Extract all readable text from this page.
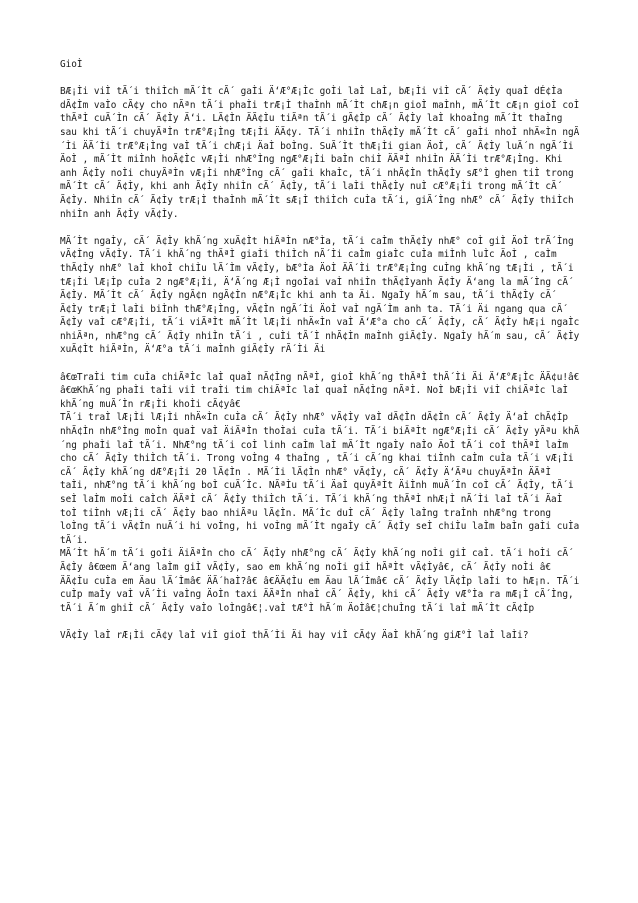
GioÌ
BÆ¡Ìi viÌ tÃ´i thiÌch mÃ´Ìt cÃ´ gaÌi Ä‘Æ°Æ¡Ìc goÌi laÌ LaÌ, bÆ¡Ìi viÌ cÃ´ Ã¢Ìy quaÌ dÉ¢Ìa dÃ¢Ìm vaÌo cÃ¢y cho nÃªn tÃ´i phaÌi trÆ¡Ì thaÌnh mÃ´Ìt chÆ¡n gioÌ maÌnh, mÃ´Ìt cÆ¡n gioÌ coÌ thÃªÌ cuÃ´Ìn cÃ´ Ã¢Ìy Ä‘i. LÃ¢Ìn ÄÃ¢Ìu tiÃªn tÃ´i gÃ¢Ìp cÃ´ Ã¢Ìy laÌ khoaÌng mÃ´Ìt thaÌng sau khi tÃ´i chuyÃªÌn trÆ°Æ¡Ìng tÆ¡Ìi ÄÃ¢y. TÃ´i nhiÌn thÃ¢Ìy mÃ´Ìt cÃ´ gaÌi nhoÌ nhÄ«Ìn ngÃ´Ìi ÄÃ´Ìi trÆ°Æ¡Ìng vaÌ tÃ´i chÆ¡i ÄaÌ boÌng. SuÃ´Ìt thÆ¡Ìi gian ÄoÌ, cÃ´ Ã¢Ìy luÃ´n ngÃ´Ìi ÄoÌ , mÃ´Ìt miÌnh hoÃ¢Ìc vÆ¡Ìi nhÆ°Ìng ngÆ°Æ¡Ìi baÌn chiÌ ÄÃªÌ nhiÌn ÄÃ´Ìi trÆ°Æ¡Ìng. Khi anh Ã¢Ìy noÌi chuyÃªÌn vÆ¡Ìi nhÆ°Ìng cÃ´ gaÌi khaÌc, tÃ´i nhÃ¢Ìn thÃ¢Ìy sÆ°Ì ghen tiÌ trong mÃ´Ìt cÃ´ Ã¢Ìy, khi anh Ã¢Ìy nhiÌn cÃ´ Ã¢Ìy, tÃ´i laÌi thÃ¢Ìy nuÌ cÆ°Æ¡Ìi trong mÃ´Ìt cÃ´ Ã¢Ìy. NhiÌn cÃ´ Ã¢Ìy trÆ¡Ì thaÌnh mÃ´Ìt sÆ¡Ì thiÌch cuÌa tÃ´i, giÃ´Ìng nhÆ° cÃ´ Ã¢Ìy thiÌch nhiÌn anh Ã¢Ìy vÃ¢Ìy.
MÃ´Ìt ngaÌy, cÃ´ Ã¢Ìy khÃ´ng xuÃ¢Ìt hiÃªÌn nÆ°Ìa, tÃ´i caÌm thÃ¢Ìy nhÆ° coÌ giÌ ÄoÌ trÃ´Ìng vÃ¢Ìng vÃ¢Ìy. TÃ´i khÃ´ng thÃªÌ giaÌi thiÌch nÃ´Ìi caÌm giaÌc cuÌa miÌnh luÌc ÄoÌ , caÌm thÃ¢Ìy nhÆ° laÌ khoÌ chiÌu lÃ´Ìm vÃ¢Ìy, bÆ°Ìa ÄoÌ ÄÃ´Ìi trÆ°Æ¡Ìng cuÌng khÃ´ng tÆ¡Ìi , tÃ´i tÆ¡Ìi lÆ¡Ìp cuÌa 2 ngÆ°Æ¡Ìi, Ä‘Ã´ng Æ¡Ì ngoÌai vaÌ nhiÌn thÃ¢Ìyanh Ã¢Ìy Ä‘ang la mÃ´Ìng cÃ´ Ã¢Ìy. MÃ´Ìt cÃ´ Ã¢Ìy ngÃ¢n ngÃ¢Ìn nÆ°Æ¡Ìc khi anh ta Äi. NgaÌy hÃ´m sau, tÃ´i thÃ¢Ìy cÃ´ Ã¢Ìy trÆ¡Ì laÌi biÌnh thÆ°Æ¡Ìng, vÃ¢Ìn ngÃ´Ìi ÄoÌ vaÌ ngÃ´Ìm anh ta. TÃ´i Äi ngang qua cÃ´ Ã¢Ìy vaÌ cÆ°Æ¡Ìi, tÃ´i viÃªÌt mÃ´Ìt lÆ¡Ìi nhÄ«Ìn vaÌ Ä‘Æ°a cho cÃ´ Ã¢Ìy, cÃ´ Ã¢Ìy hÆ¡i ngaÌc nhiÃªn, nhÆ°ng cÃ´ Ã¢Ìy nhiÌn tÃ´i , cuÌi tÃ´Ì nhÃ¢Ìn maÌnh giÃ¢Ìy. NgaÌy hÃ´m sau, cÃ´ Ã¢Ìy xuÃ¢Ìt hiÃªÌn, Ä‘Æ°a tÃ´i maÌnh giÃ¢Ìy rÃ´Ìi Äi
â€œTraÌi tim cuÌa chiÃªÌc laÌ quaÌ nÃ¢Ìng nÃªÌ, gioÌ khÃ´ng thÃªÌ thÃ´Ìi Äi Ä‘Æ°Æ¡Ìc ÄÃ¢u!â€
â€œKhÃ´ng phaÌi taÌi viÌ traÌi tim chiÃªÌc laÌ quaÌ nÃ¢Ìng nÃªÌ. NoÌ bÆ¡Ìi viÌ chiÃªÌc laÌ khÃ´ng muÃ´Ìn rÆ¡Ìi khoÌi cÃ¢yâ€
TÃ´i traÌ lÆ¡Ìi lÆ¡Ìi nhÄ«Ìn cuÌa cÃ´ Ã¢Ìy nhÆ° vÃ¢Ìy vaÌ dÃ¢Ìn dÃ¢Ìn cÃ´ Ã¢Ìy Ä‘aÌ chÃ¢Ìp nhÃ¢Ìn nhÆ°Ìng moÌn quaÌ vaÌ ÄiÃªÌn thoÌai cuÌa tÃ´i. TÃ´i biÃªÌt ngÆ°Æ¡Ìi cÃ´ Ã¢Ìy yÃªu khÃ´ng phaÌi laÌ tÃ´i. NhÆ°ng tÃ´i coÌ linh caÌm laÌ mÃ´Ìt ngaÌy naÌo ÄoÌ tÃ´i coÌ thÃªÌ laÌm cho cÃ´ Ã¢Ìy thiÌch tÃ´i. Trong voÌng 4 thaÌng , tÃ´i cÃ´ng khai tiÌnh caÌm cuÌa tÃ´i vÆ¡Ìi cÃ´ Ã¢Ìy khÃ´ng dÆ°Æ¡Ìi 20 lÃ¢Ìn . MÃ´Ìi lÃ¢Ìn nhÆ° vÃ¢Ìy, cÃ´ Ã¢Ìy Ä‘Ãªu chuyÃªÌn ÄÃªÌ taÌi, nhÆ°ng tÃ´i khÃ´ng boÌ cuÃ´Ìc. NÃªÌu tÃ´i ÄaÌ quyÃªÌt ÄiÌnh muÃ´Ìn coÌ cÃ´ Ã¢Ìy, tÃ´i seÌ laÌm moÌi caÌch ÄÃªÌ cÃ´ Ã¢Ìy thiÌch tÃ´i. TÃ´i khÃ´ng thÃªÌ nhÆ¡Ì nÃ´Ìi laÌ tÃ´i ÄaÌ toÌ tiÌnh vÆ¡Ìi cÃ´ Ã¢Ìy bao nhiÃªu lÃ¢Ìn. MÃ´Ìc duÌ cÃ´ Ã¢Ìy laÌng traÌnh nhÆ°ng trong loÌng tÃ´i vÃ¢Ìn nuÃ´i hi voÌng, hi voÌng mÃ´Ìt ngaÌy cÃ´ Ã¢Ìy seÌ chiÌu laÌm baÌn gaÌi cuÌa tÃ´i.
MÃ´Ìt hÃ´m tÃ´i goÌi ÄiÃªÌn cho cÃ´ Ã¢Ìy nhÆ°ng cÃ´ Ã¢Ìy khÃ´ng noÌi giÌ caÌ. tÃ´i hoÌi cÃ´ Ã¢Ìy â€œem Ä‘ang laÌm giÌ vÃ¢Ìy, sao em khÃ´ng noÌi giÌ hÃªÌt vÃ¢Ìyâ€, cÃ´ Ã¢Ìy noÌi â€ ÄÃ¢Ìu cuÌa em Äau lÃ´Ìmâ€ ÄÃ´haÌ?â€ â€ÄÃ¢Ìu em Äau lÃ´Ìmâ€ cÃ´ Ã¢Ìy lÃ¢Ìp laÌi to hÆ¡n. TÃ´i cuÌp maÌy vaÌ vÃ´Ìi vaÌng ÄoÌn taxi ÄÃªÌn nhaÌ cÃ´ Ã¢Ìy, khi cÃ´ Ã¢Ìy vÆ°Ìa ra mÆ¡Ì cÃ´Ìng, tÃ´i Ã´m ghiÌ cÃ´ Ã¢Ìy vaÌo loÌngâ€¦.vaÌ tÆ°Ì hÃ´m ÄoÌâ€¦chuÌng tÃ´i laÌ mÃ´Ìt cÃ¢Ìp
VÃ¢Ìy laÌ rÆ¡Ìi cÃ¢y laÌ viÌ gioÌ thÃ´Ìi Äi hay viÌ cÃ¢y ÄaÌ khÃ´ng giÆ°Ì laÌ laÌi?
